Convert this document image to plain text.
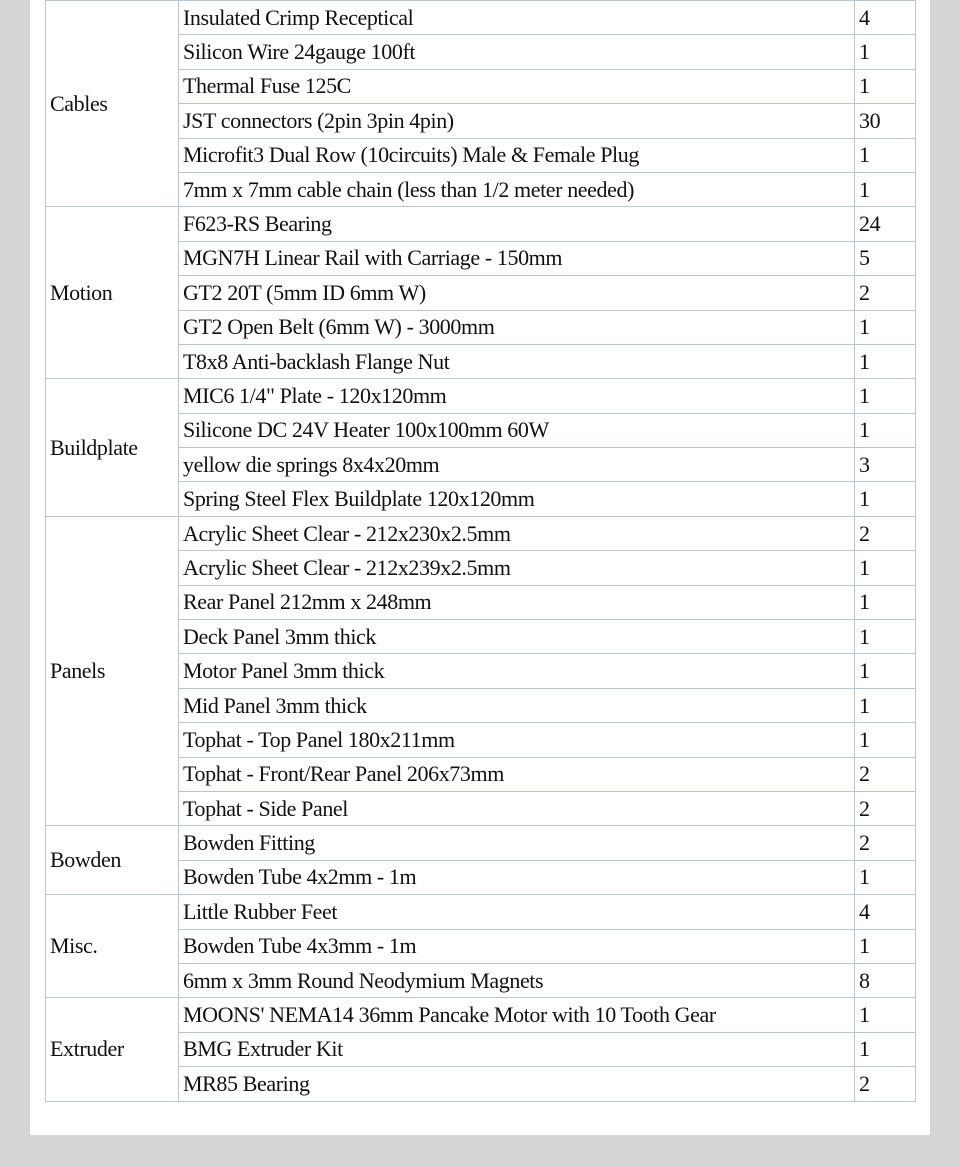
Cables	Insulated Crimp Receptical	4
	Silicon Wire 24gauge 100ft	1
	Thermal Fuse 125C	1
	JST connectors (2pin 3pin 4pin)	30
	Microfit3 Dual Row (10circuits) Male & Female Plug	1
	7mm x 7mm cable chain (less than 1/2 meter needed)	1
Motion	F623-RS Bearing	24
	MGN7H Linear Rail with Carriage - 150mm	5
	GT2 20T (5mm ID 6mm W)	2
	GT2 Open Belt (6mm W) - 3000mm	1
	T8x8 Anti-backlash Flange Nut	1
Buildplate	MIC6 1/4" Plate - 120x120mm	1
	Silicone DC 24V Heater 100x100mm 60W	1
	yellow die springs 8x4x20mm	3
	Spring Steel Flex Buildplate 120x120mm	1
Panels	Acrylic Sheet Clear - 212x230x2.5mm	2
	Acrylic Sheet Clear - 212x239x2.5mm	1
	Rear Panel 212mm x 248mm	1
	Deck Panel 3mm thick	1
	Motor Panel 3mm thick	1
	Mid Panel 3mm thick	1
	Tophat - Top Panel 180x211mm	1
	Tophat - Front/Rear Panel 206x73mm	2
	Tophat - Side Panel	2
Bowden	Bowden Fitting	2
	Bowden Tube 4x2mm - 1m	1
Misc.	Little Rubber Feet	4
	Bowden Tube 4x3mm - 1m	1
	6mm x 3mm Round Neodymium Magnets	8
Extruder	MOONS' NEMA14 36mm Pancake Motor with 10 Tooth Gear	1
	BMG Extruder Kit	1
	MR85 Bearing	2
